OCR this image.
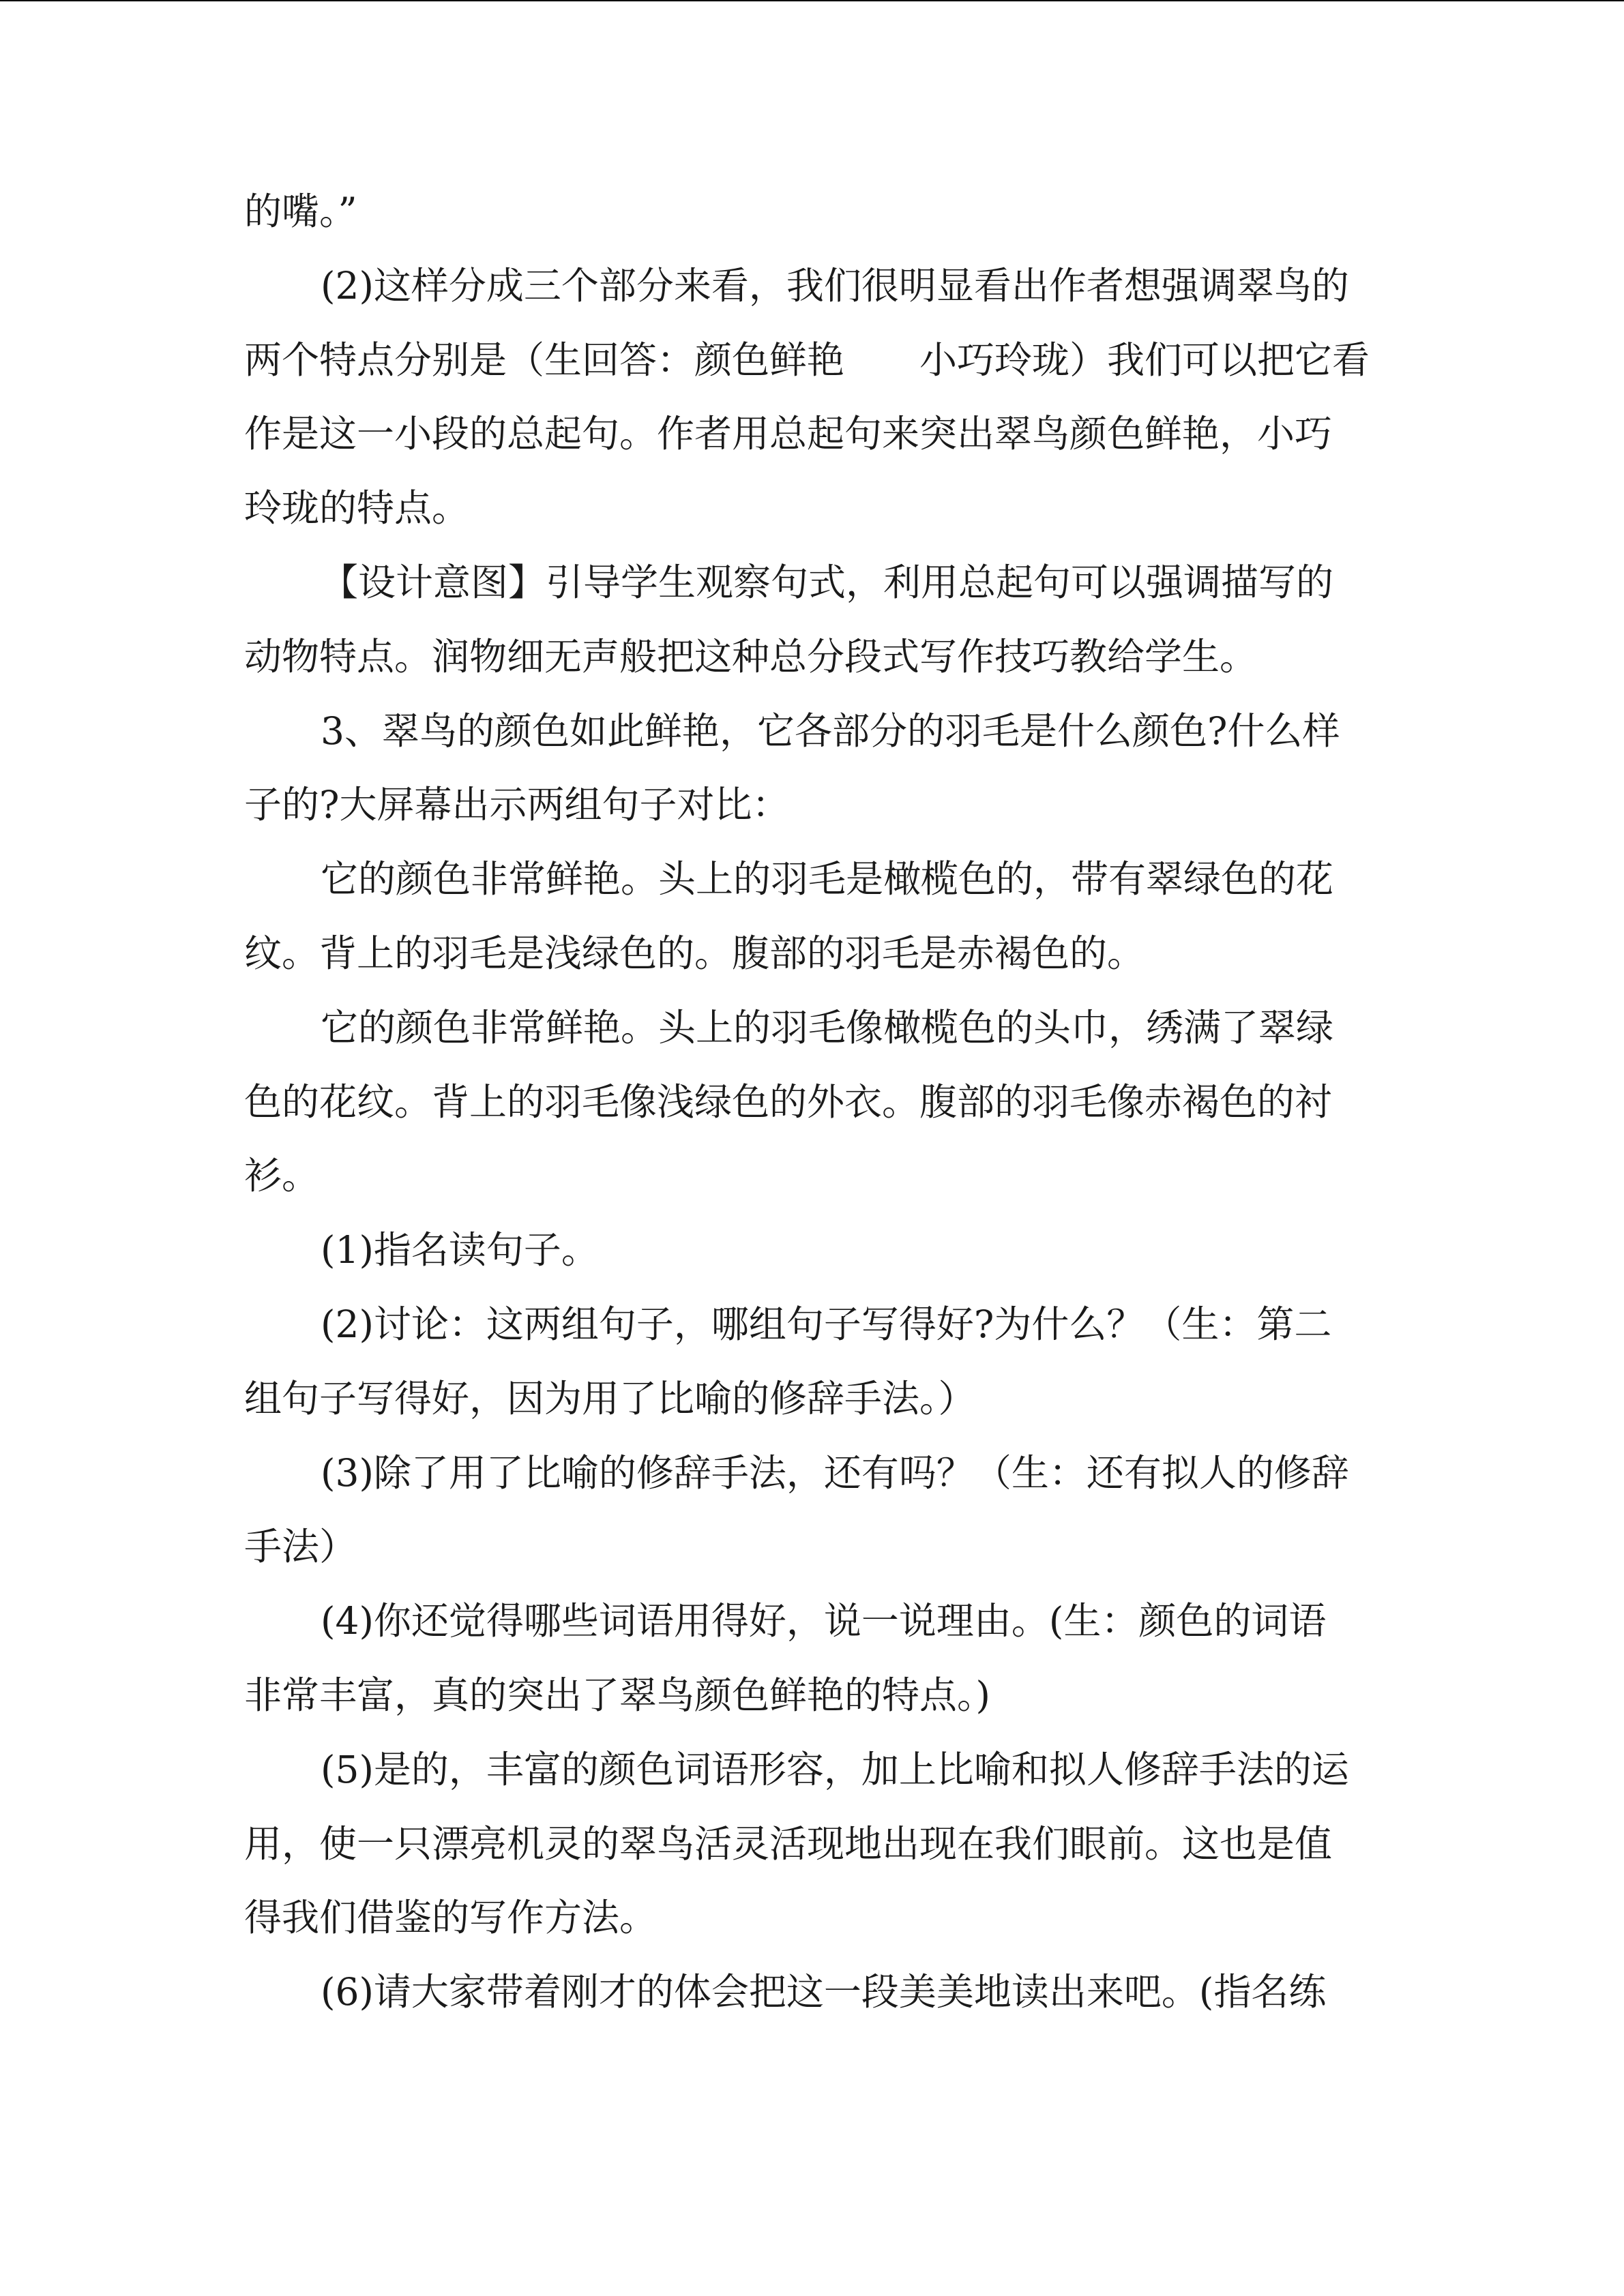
的嘴。”

(2)这样分成三个部分来看，我们很明显看出作者想强调翠鸟的

两个特点分别是（生回答：颜色鲜艳　　小巧玲珑）我们可以把它看

作是这一小段的总起句。作者用总起句来突出翠鸟颜色鲜艳，小巧

玲珑的特点。

【设计意图】引导学生观察句式，利用总起句可以强调描写的

动物特点。润物细无声般把这种总分段式写作技巧教给学生。

3、翠鸟的颜色如此鲜艳，它各部分的羽毛是什么颜色?什么样

子的?大屏幕出示两组句子对比：

它的颜色非常鲜艳。头上的羽毛是橄榄色的，带有翠绿色的花

纹。背上的羽毛是浅绿色的。腹部的羽毛是赤褐色的。

它的颜色非常鲜艳。头上的羽毛像橄榄色的头巾，绣满了翠绿

色的花纹。背上的羽毛像浅绿色的外衣。腹部的羽毛像赤褐色的衬

衫。

(1)指名读句子。

(2)讨论：这两组句子，哪组句子写得好?为什么？（生：第二

组句子写得好，因为用了比喻的修辞手法。）

(3)除了用了比喻的修辞手法，还有吗？（生：还有拟人的修辞

手法）

(4)你还觉得哪些词语用得好，说一说理由。(生：颜色的词语

非常丰富，真的突出了翠鸟颜色鲜艳的特点。)

(5)是的，丰富的颜色词语形容，加上比喻和拟人修辞手法的运

用，使一只漂亮机灵的翠鸟活灵活现地出现在我们眼前。这也是值

得我们借鉴的写作方法。

(6)请大家带着刚才的体会把这一段美美地读出来吧。(指名练
